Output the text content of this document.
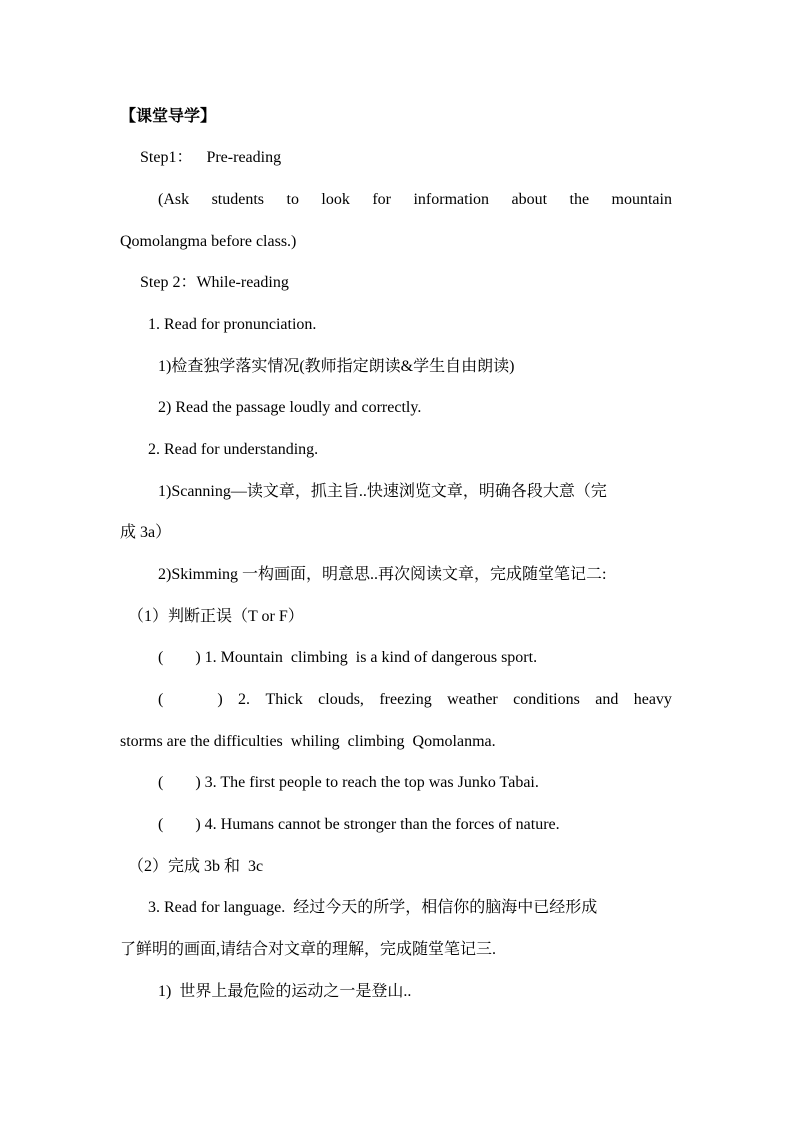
【课堂导学】
Step1： Pre-reading
(Ask students to look for information about the mountain
Qomolangma before class.)
Step 2：While-reading
1. Read for pronunciation.
1)检查独学落实情况(教师指定朗读&学生自由朗读)
2) Read the passage loudly and correctly.
2. Read for understanding.
1)Scanning—读文章，抓主旨..快速浏览文章，明确各段大意（完
成 3a）
2)Skimming 一构画面，明意思..再次阅读文章，完成随堂笔记二:
（1）判断正误（T or F）
(        ) 1. Mountain  climbing  is a kind of dangerous sport.
(	) 2. Thick clouds, freezing weather conditions and heavy
storms are the difficulties  whiling  climbing  Qomolanma.
(        ) 3. The first people to reach the top was Junko Tabai.
(        ) 4. Humans cannot be stronger than the forces of nature.
（2）完成 3b 和  3c
3. Read for language.  经过今天的所学，相信你的脑海中已经形成
了鲜明的画面,请结合对文章的理解，完成随堂笔记三.
1)  世界上最危险的运动之一是登山..
